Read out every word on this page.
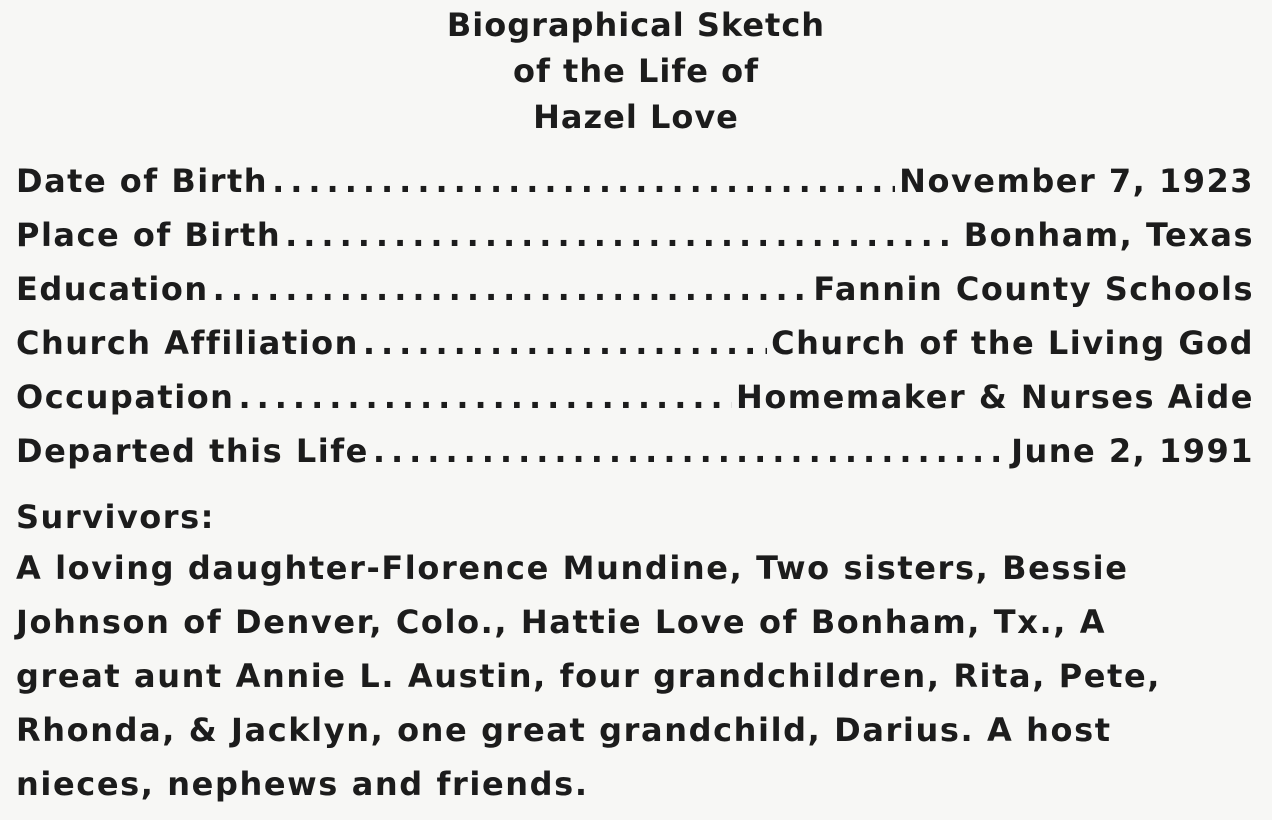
Biographical Sketch
of the Life of
Hazel Love
Date of Birth .....	November 7, 1923
Place of Birth .....	Bonham, Texas
Education .....	Fannin County Schools
Church Affiliation .....	Church of the Living God
Occupation .....	Homemaker & Nurses Aide
Departed this Life .....	June 2, 1991
Survivors:
A loving daughter-Florence Mundine, Two sisters, Bessie
Johnson of Denver, Colo., Hattie Love of Bonham, Tx., A
great aunt Annie L. Austin, four grandchildren, Rita, Pete,
Rhonda, & Jacklyn, one great grandchild, Darius. A host
nieces, nephews and friends.
